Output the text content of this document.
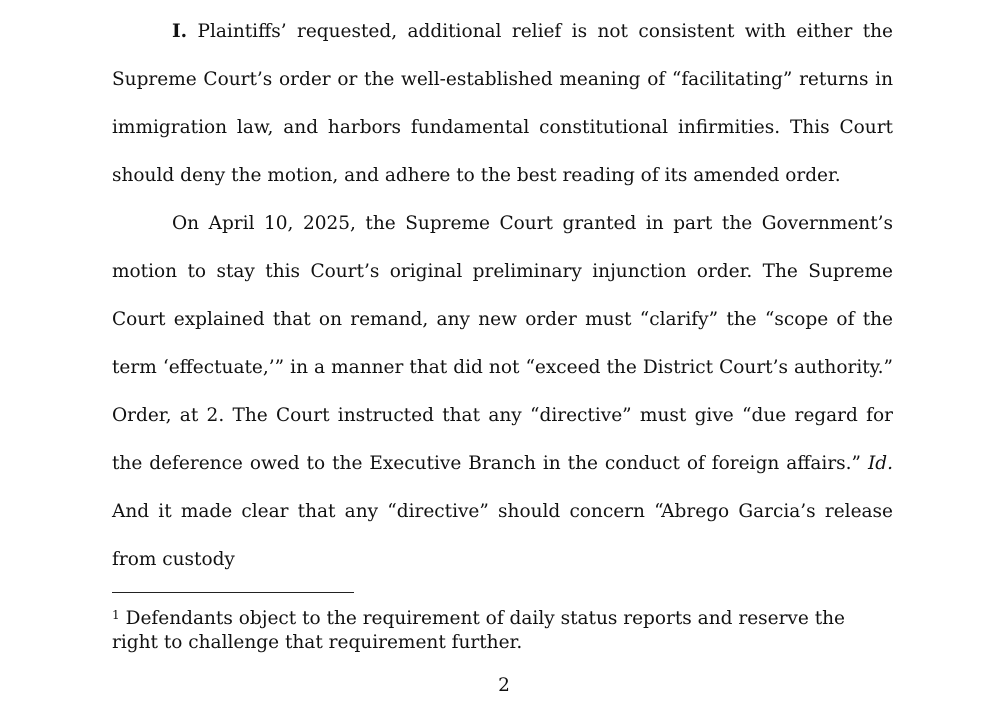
I. Plaintiffs’ requested, additional relief is not consistent with either the Supreme Court’s order or the well-established meaning of “facilitating” returns in immigration law, and harbors fundamental constitutional infirmities. This Court should deny the motion, and adhere to the best reading of its amended order.

On April 10, 2025, the Supreme Court granted in part the Government’s motion to stay this Court’s original preliminary injunction order. The Supreme Court explained that on remand, any new order must “clarify” the “scope of the term ‘effectuate,’” in a manner that did not “exceed the District Court’s authority.” Order, at 2. The Court instructed that any “directive” must give “due regard for the deference owed to the Executive Branch in the conduct of foreign affairs.” Id. And it made clear that any “directive” should concern “Abrego Garcia’s release from custody

$^1$ Defendants object to the requirement of daily status reports and reserve the right to challenge that requirement further.
2
